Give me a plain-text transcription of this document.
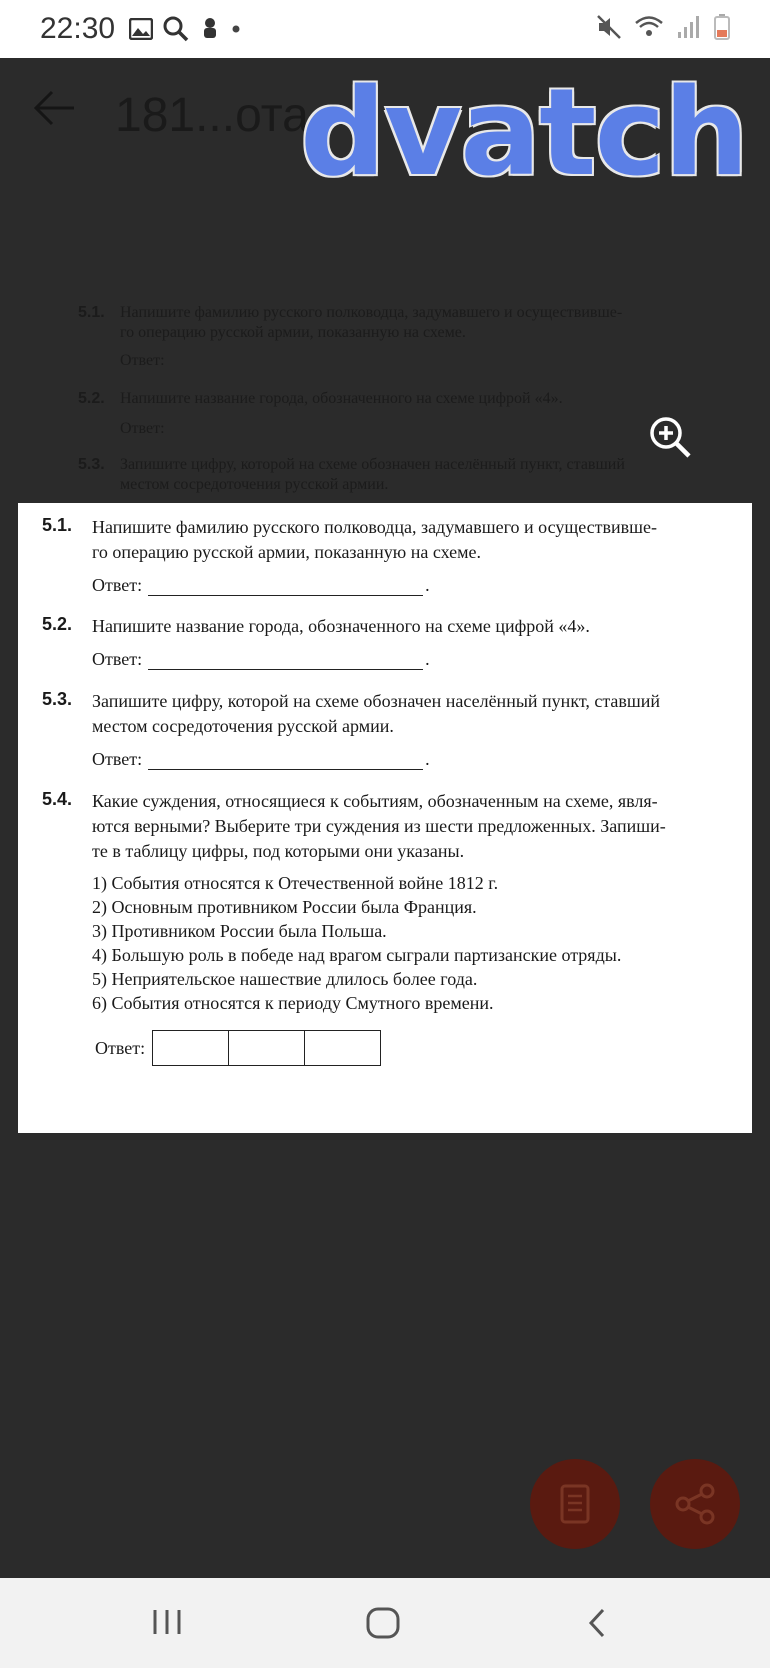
22:30
181...ота
dvatch
5.1. Напишите фамилию русского полководца, задумавшего и осуществивше-
го операцию русской армии, показанную на схеме.
Ответ:
5.2. Напишите название города, обозначенного на схеме цифрой «4».
Ответ:
5.3. Запишите цифру, которой на схеме обозначен населённый пункт, ставший
местом сосредоточения русской армии.
5.1. Напишите фамилию русского полководца, задумавшего и осуществивше-
го операцию русской армии, показанную на схеме.
Ответ:	.
5.2. Напишите название города, обозначенного на схеме цифрой «4».
Ответ:	.
5.3. Запишите цифру, которой на схеме обозначен населённый пункт, ставший
местом сосредоточения русской армии.
Ответ:	.
5.4. Какие суждения, относящиеся к событиям, обозначенным на схеме, явля-
ются верными? Выберите три суждения из шести предложенных. Запиши-
те в таблицу цифры, под которыми они указаны.
1) События относятся к Отечественной войне 1812 г.
2) Основным противником России была Франция.
3) Противником России была Польша.
4) Большую роль в победе над врагом сыграли партизанские отряды.
5) Неприятельское нашествие длилось более года.
6) События относятся к периоду Смутного времени.
Ответ:
